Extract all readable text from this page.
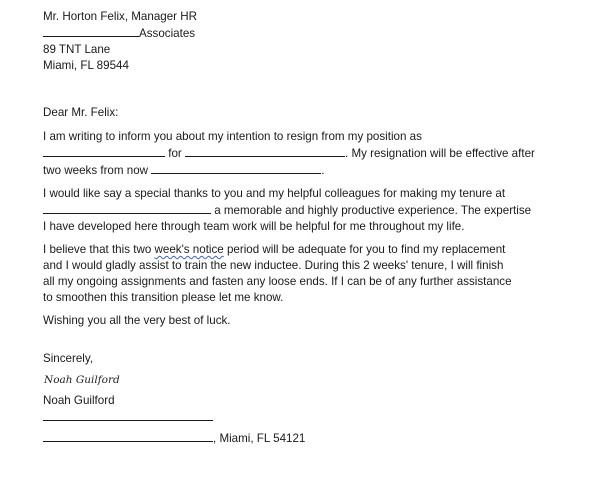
Mr. Horton Felix, Manager HR
Associates
89 TNT Lane
Miami, FL 89544
Dear Mr. Felix:
I am writing to inform you about my intention to resign from my position as
for	. My resignation will be effective after
two weeks from now	.
I would like say a special thanks to you and my helpful colleagues for making my tenure at
a memorable and highly productive experience. The expertise
I have developed here through team work will be helpful for me throughout my life.
I believe that this two week's notice period will be adequate for you to find my replacement
and I would gladly assist to train the new inductee. During this 2 weeks' tenure, I will finish
all my ongoing assignments and fasten any loose ends. If I can be of any further assistance
to smoothen this transition please let me know.
Wishing you all the very best of luck.
Sincerely,
Noah Guilford
Noah Guilford
, Miami, FL 54121
